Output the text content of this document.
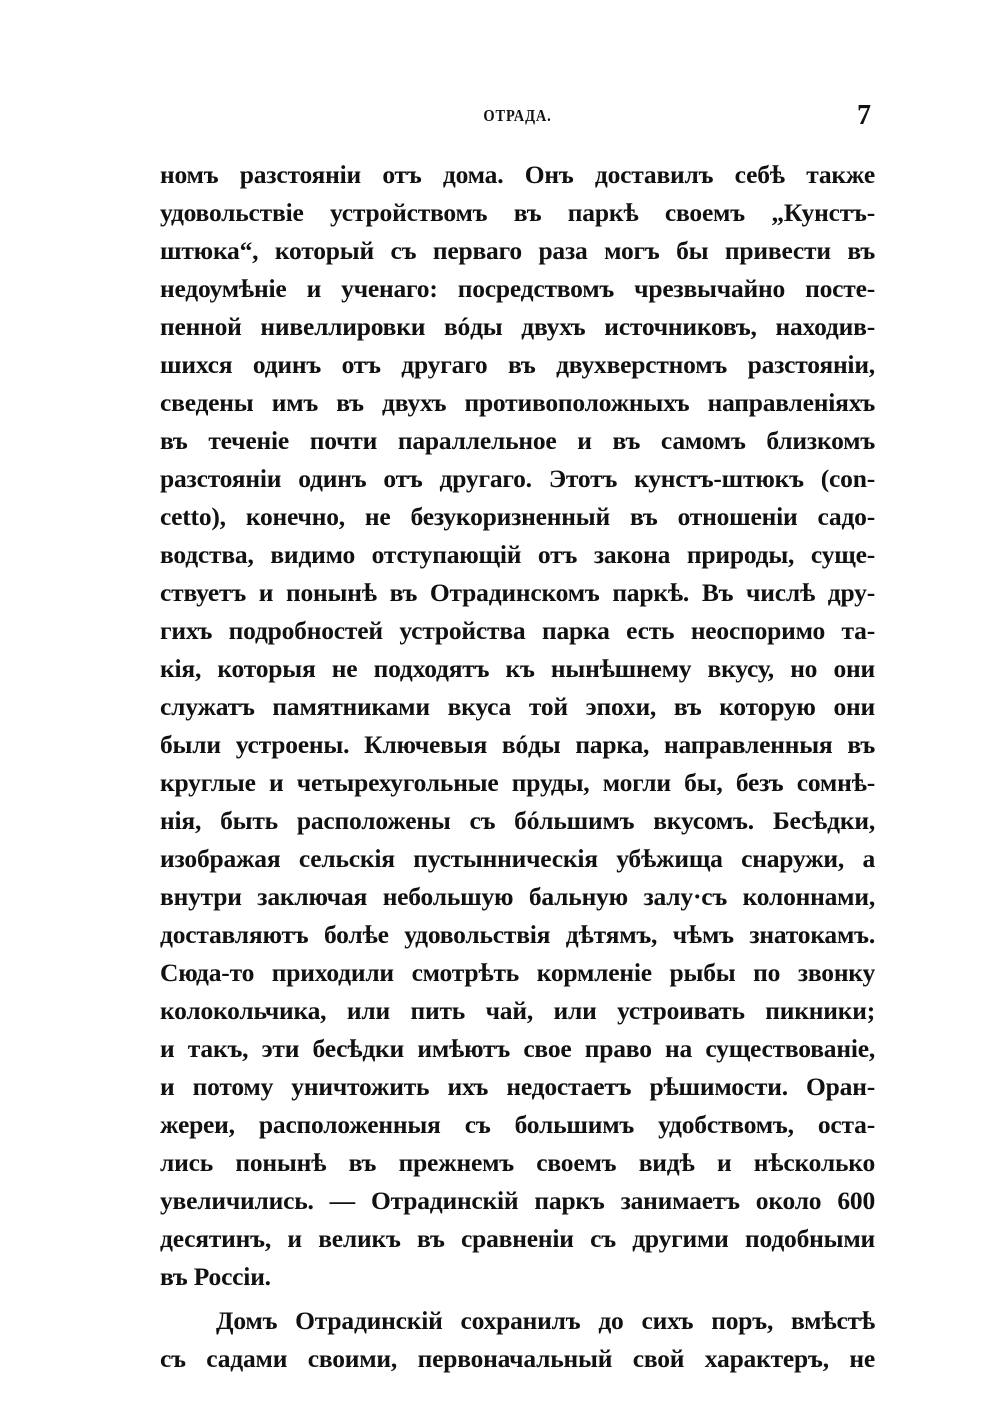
ОТРАДА.	7
номъ разстояніи отъ дома. Онъ доставилъ себѣ также
удовольствіе устройствомъ въ паркѣ своемъ „Кунстъ-
штюка“, который съ перваго раза могъ бы привести въ
недоумѣніе и ученаго: посредствомъ чрезвычайно посте-
пенной нивеллировки вóды двухъ источниковъ, находив-
шихся одинъ отъ другаго въ двухверстномъ разстояніи,
сведены имъ въ двухъ противоположныхъ направленіяхъ
въ теченіе почти параллельное и въ самомъ близкомъ
разстояніи одинъ отъ другаго. Этотъ кунстъ-штюкъ (con-
cetto), конечно, не безукоризненный въ отношеніи садо-
водства, видимо отступающій отъ закона природы, суще-
ствуетъ и понынѣ въ Отрадинскомъ паркѣ. Въ числѣ дру-
гихъ подробностей устройства парка есть неоспоримо та-
кія, которыя не подходятъ къ нынѣшнему вкусу, но они
служатъ памятниками вкуса той эпохи, въ которую они
были устроены. Ключевыя вóды парка, направленныя въ
круглые и четырехугольные пруды, могли бы, безъ сомнѣ-
нія, быть расположены съ бóльшимъ вкусомъ. Бесѣдки,
изображая сельскія пустынническія убѣжища снаружи, а
внутри заключая небольшую бальную залу·съ колоннами,
доставляютъ болѣе удовольствія дѣтямъ, чѣмъ знатокамъ.
Сюда-то приходили смотрѣть кормленіе рыбы по звонку
колокольчика, или пить чай, или устроивать пикники;
и такъ, эти бесѣдки имѣютъ свое право на существованіе,
и потому уничтожить ихъ недостаетъ рѣшимости. Оран-
жереи, расположенныя съ большимъ удобствомъ, оста-
лись понынѣ въ прежнемъ своемъ видѣ и нѣсколько
увеличились. — Отрадинскій паркъ занимаетъ около 600
десятинъ, и великъ въ сравненіи съ другими подобными
въ Россіи.
Домъ Отрадинскій сохранилъ до сихъ поръ, вмѣстѣ
съ садами своими, первоначальный свой характеръ, не
